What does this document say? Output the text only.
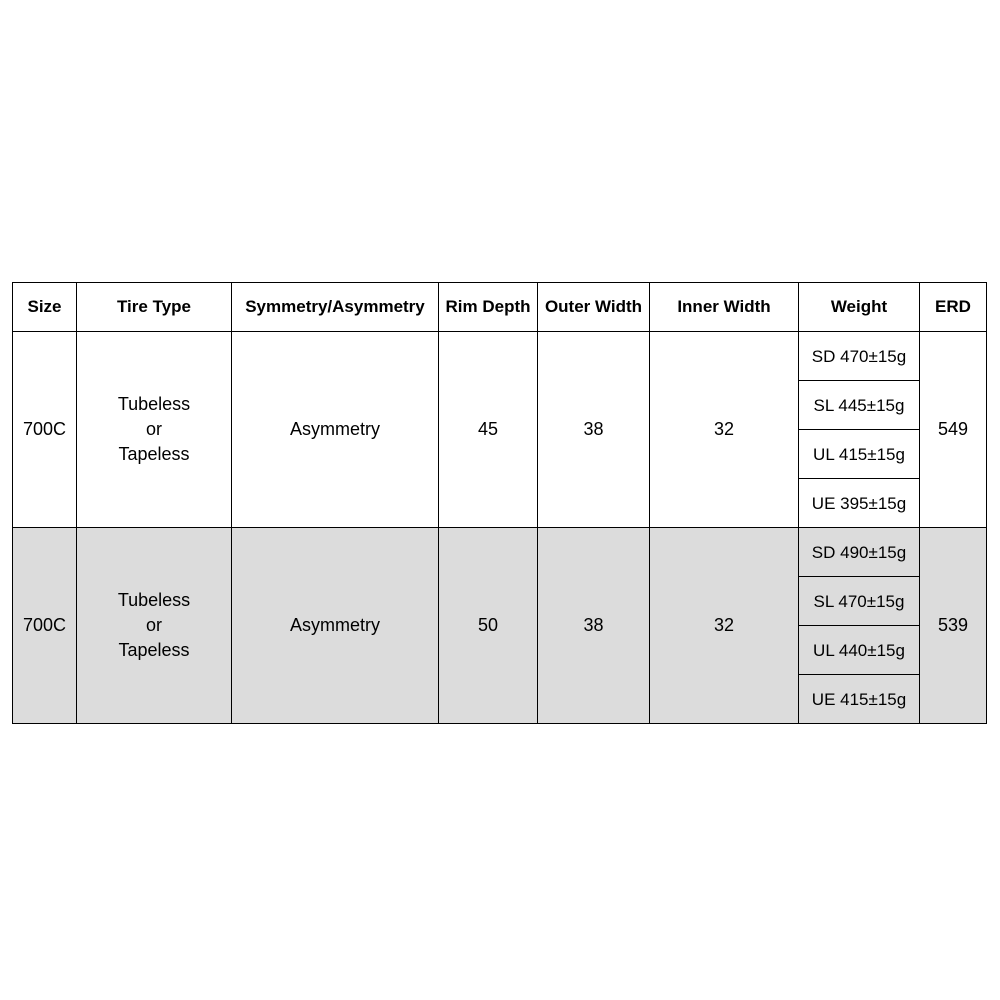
Size	Tire Type	Symmetry/Asymmetry	Rim Depth	Outer Width	Inner Width	Weight	ERD
700C	Tubeless
or
Tapeless	Asymmetry	45	38	32	SD 470±15g	549
						SL 445±15g	
						UL 415±15g	
						UE 395±15g	
700C	Tubeless
or
Tapeless	Asymmetry	50	38	32	SD 490±15g	539
						SL 470±15g	
						UL 440±15g	
						UE 415±15g	
